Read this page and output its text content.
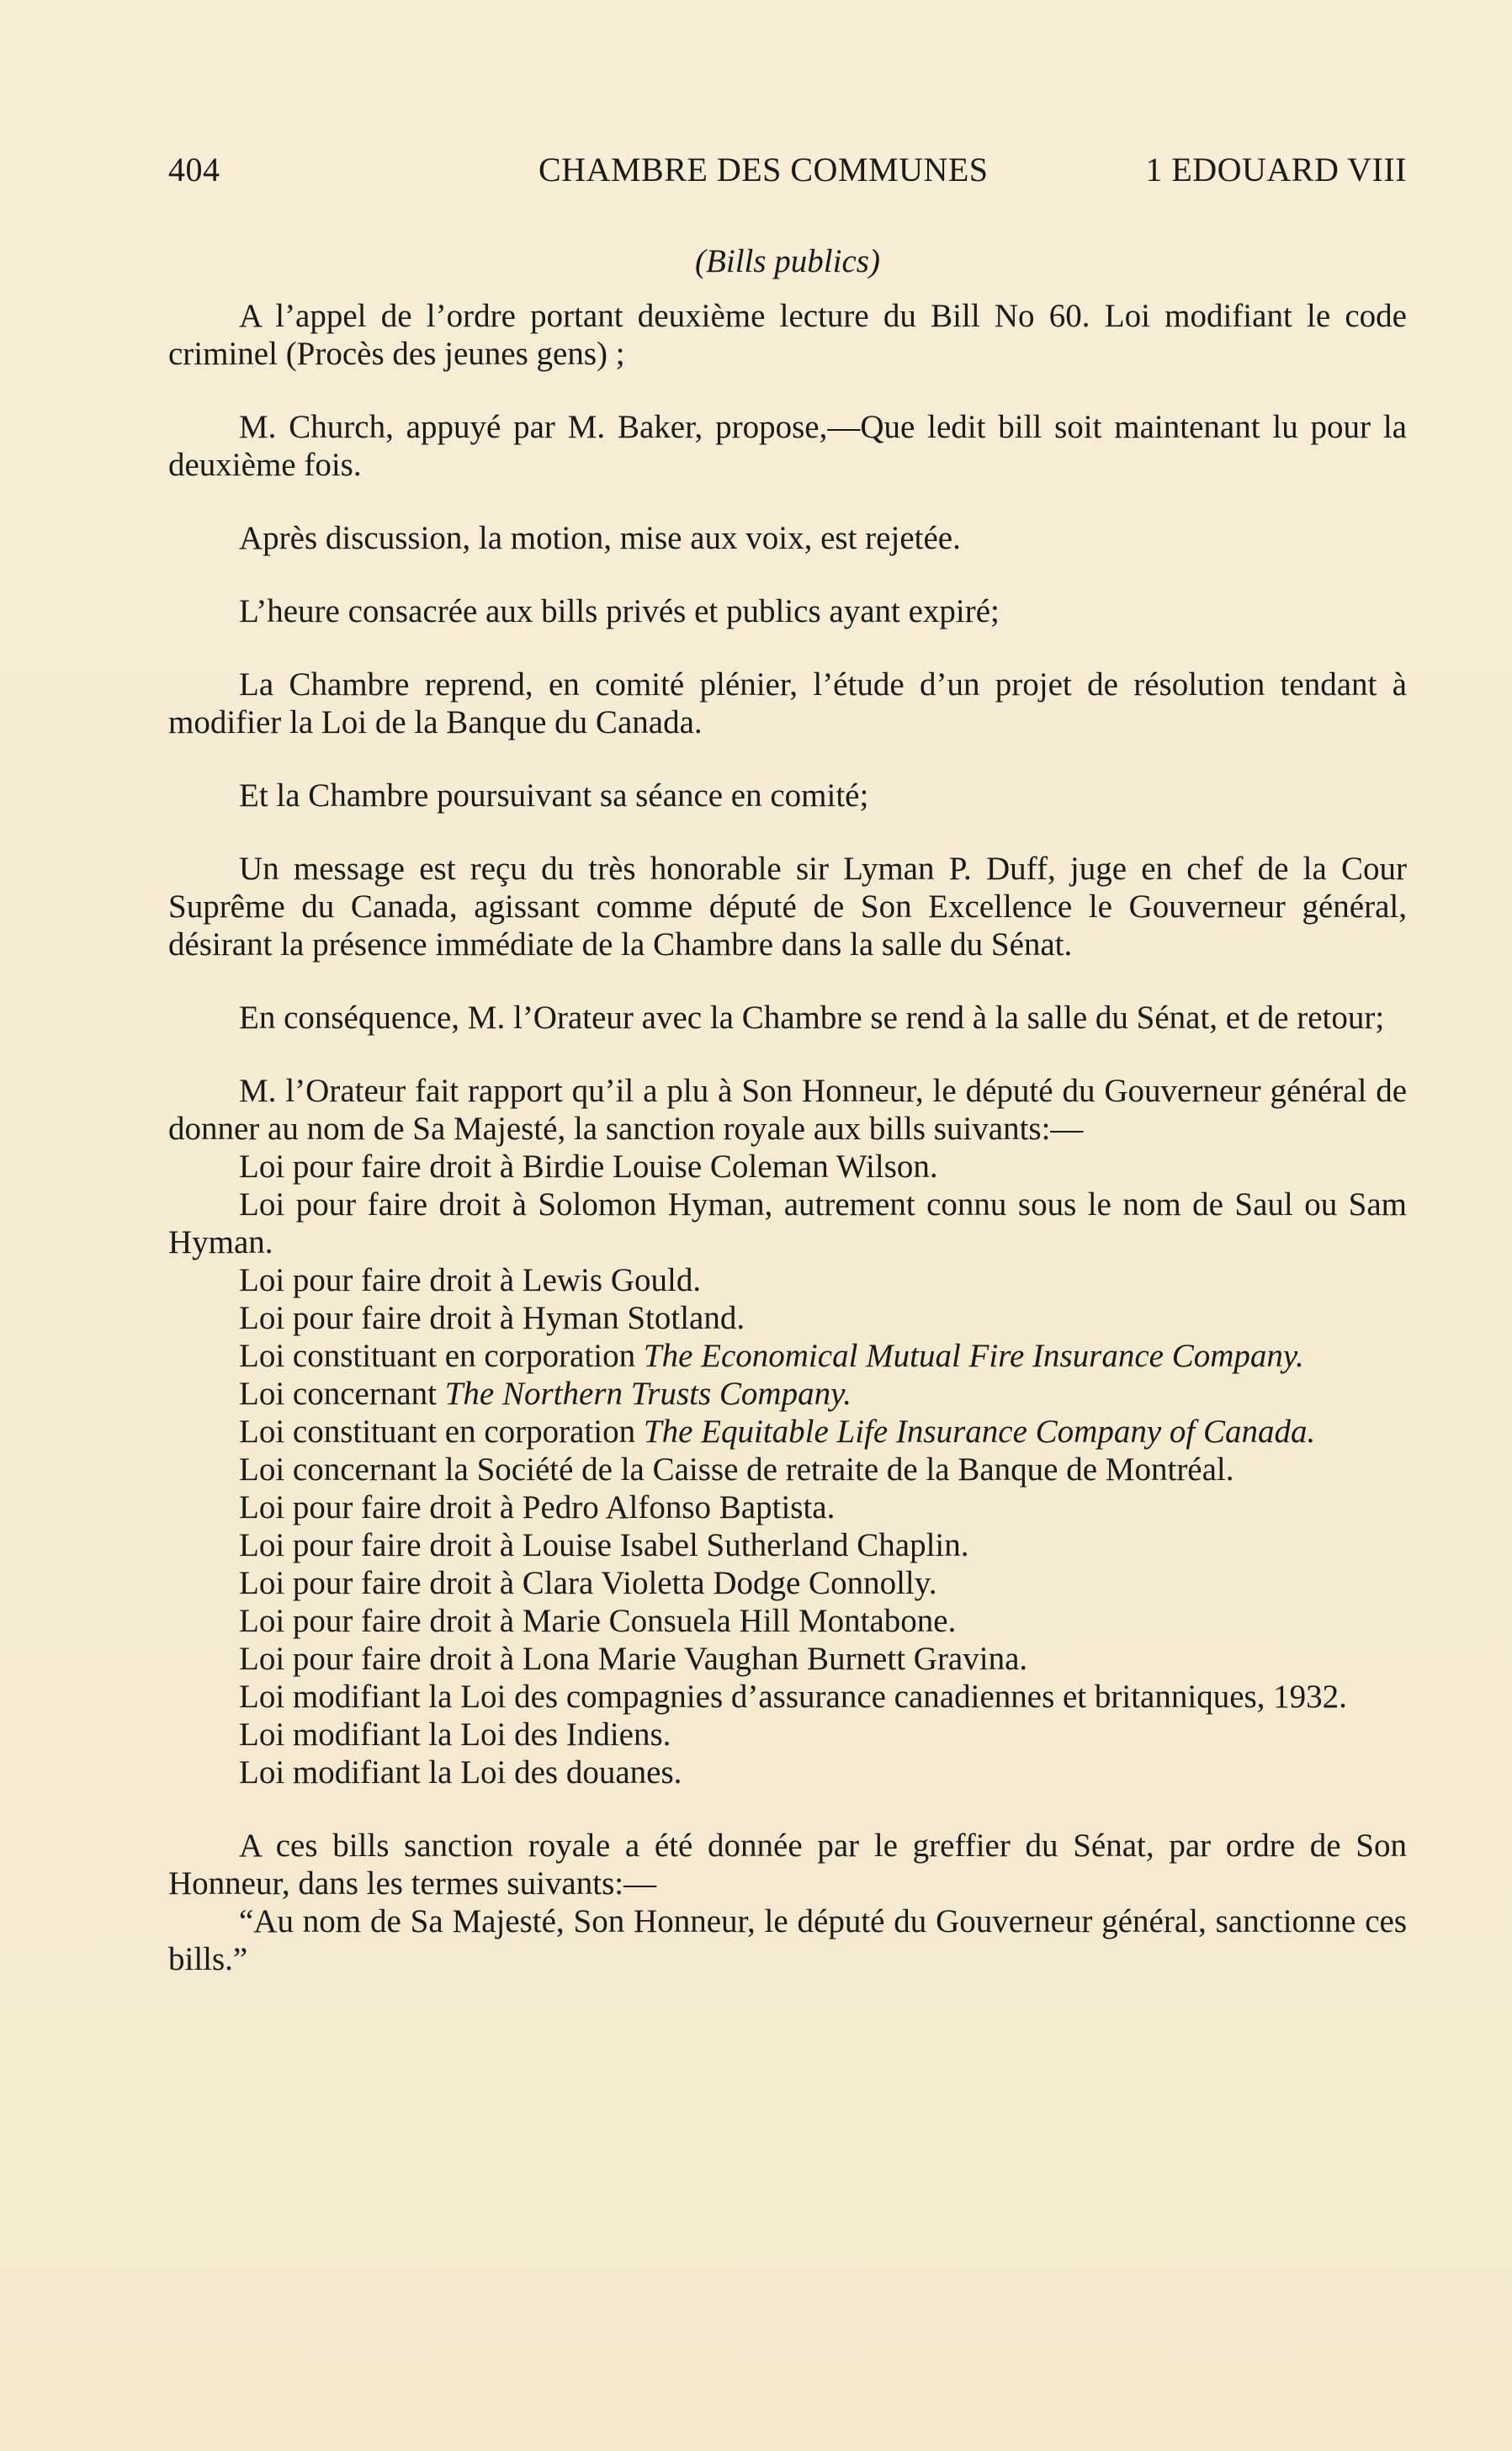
404	CHAMBRE DES COMMUNES	1 EDOUARD VIII
(Bills publics)

A l’appel de l’ordre portant deuxième lecture du Bill No 60. Loi modifiant le code criminel (Procès des jeunes gens) ;

M. Church, appuyé par M. Baker, propose,—Que ledit bill soit maintenant lu pour la deuxième fois.

Après discussion, la motion, mise aux voix, est rejetée.

L’heure consacrée aux bills privés et publics ayant expiré;

La Chambre reprend, en comité plénier, l’étude d’un projet de résolution tendant à modifier la Loi de la Banque du Canada.

Et la Chambre poursuivant sa séance en comité;

Un message est reçu du très honorable sir Lyman P. Duff, juge en chef de la Cour Suprême du Canada, agissant comme député de Son Excellence le Gouverneur général, désirant la présence immédiate de la Chambre dans la salle du Sénat.

En conséquence, M. l’Orateur avec la Chambre se rend à la salle du Sénat, et de retour;

M. l’Orateur fait rapport qu’il a plu à Son Honneur, le député du Gouverneur général de donner au nom de Sa Majesté, la sanction royale aux bills suivants:—

Loi pour faire droit à Birdie Louise Coleman Wilson.
Loi pour faire droit à Solomon Hyman, autrement connu sous le nom de Saul ou Sam Hyman.
Loi pour faire droit à Lewis Gould.
Loi pour faire droit à Hyman Stotland.
Loi constituant en corporation The Economical Mutual Fire Insurance Company.
Loi concernant The Northern Trusts Company.
Loi constituant en corporation The Equitable Life Insurance Company of Canada.
Loi concernant la Société de la Caisse de retraite de la Banque de Montréal.
Loi pour faire droit à Pedro Alfonso Baptista.
Loi pour faire droit à Louise Isabel Sutherland Chaplin.
Loi pour faire droit à Clara Violetta Dodge Connolly.
Loi pour faire droit à Marie Consuela Hill Montabone.
Loi pour faire droit à Lona Marie Vaughan Burnett Gravina.
Loi modifiant la Loi des compagnies d’assurance canadiennes et britanniques, 1932.
Loi modifiant la Loi des Indiens.
Loi modifiant la Loi des douanes.

A ces bills sanction royale a été donnée par le greffier du Sénat, par ordre de Son Honneur, dans les termes suivants:—

“Au nom de Sa Majesté, Son Honneur, le député du Gouverneur général, sanctionne ces bills.”
